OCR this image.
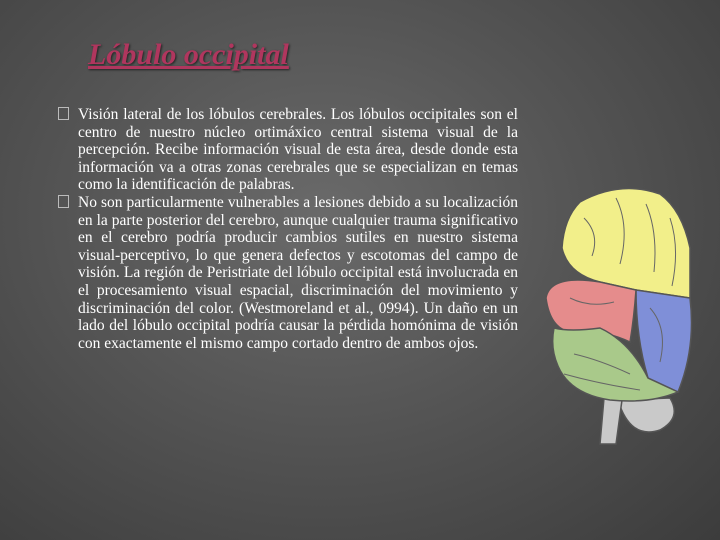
Lóbulo occipital
Visión lateral de los lóbulos cerebrales. Los lóbulos occipitales son el centro de nuestro núcleo ortimáxico central sistema visual de la percepción. Recibe información visual de esta área, desde donde esta información va a otras zonas cerebrales que se especializan en temas como la identificación de palabras.
No son particularmente vulnerables a lesiones debido a su localización en la parte posterior del cerebro, aunque cualquier trauma significativo en el cerebro podría producir cambios sutiles en nuestro sistema visual-perceptivo, lo que genera defectos y escotomas del campo de visión. La región de Peristriate del lóbulo occipital está involucrada en el procesamiento visual espacial, discriminación del movimiento y discriminación del color. (Westmoreland et al., 0994). Un daño en un lado del lóbulo occipital podría causar la pérdida homónima de visión con exactamente el mismo campo cortado dentro de ambos ojos.
